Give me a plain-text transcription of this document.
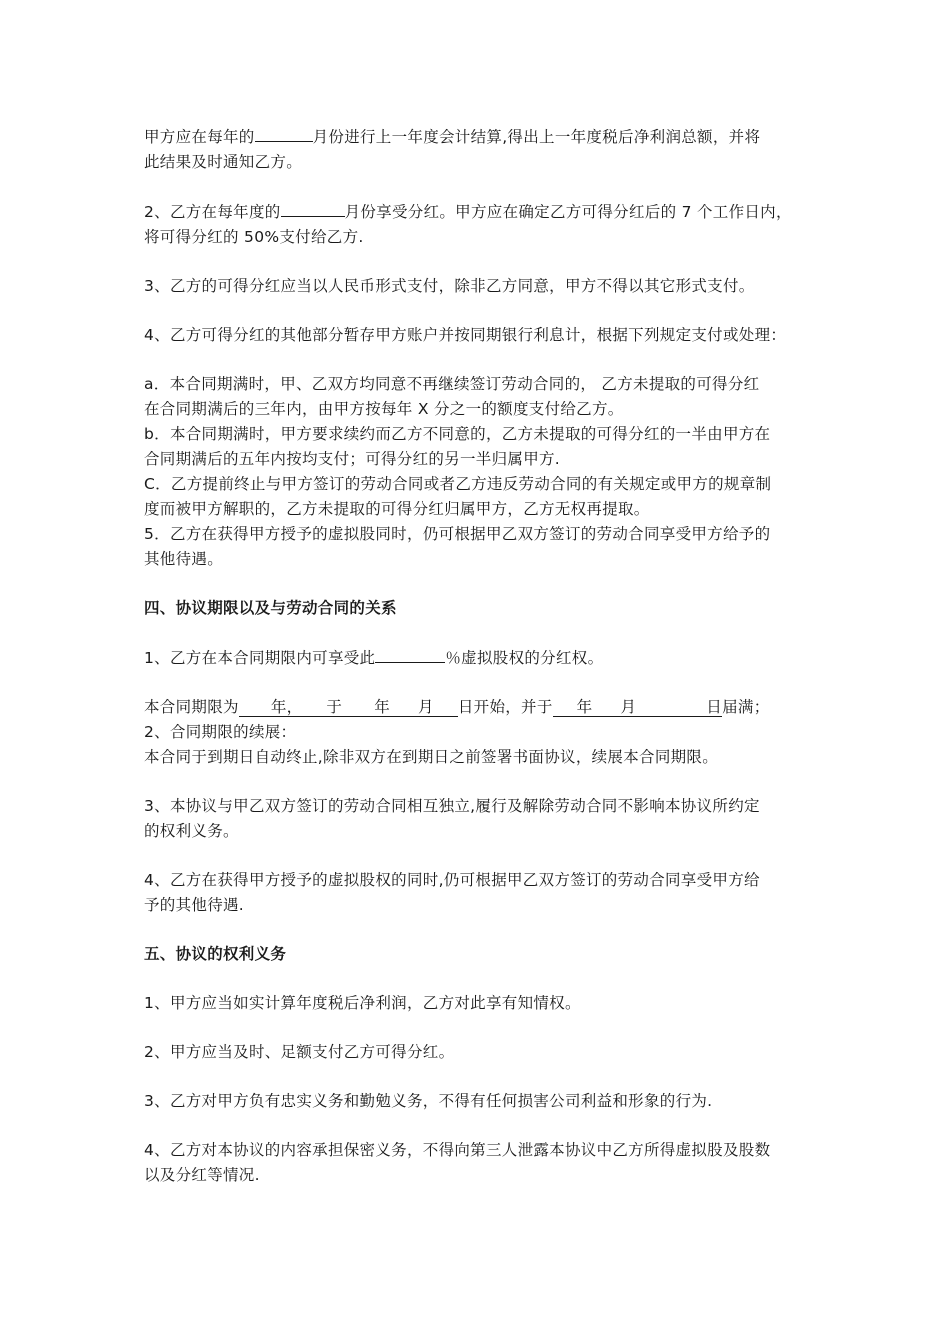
甲方应在每年的	月份进行上一年度会计结算,得出上一年度税后净利润总额，并将

此结果及时通知乙方。

2、乙方在每年度的	月份享受分红。甲方应在确定乙方可得分红后的 7 个工作日内，

将可得分红的 50%支付给乙方.

3、乙方的可得分红应当以人民币形式支付，除非乙方同意，甲方不得以其它形式支付。

4、乙方可得分红的其他部分暂存甲方账户并按同期银行利息计，根据下列规定支付或处理：

a．本合同期满时，甲、乙双方均同意不再继续签订劳动合同的， 乙方未提取的可得分红

在合同期满后的三年内，由甲方按每年 X 分之一的额度支付给乙方。

b．本合同期满时，甲方要求续约而乙方不同意的，乙方未提取的可得分红的一半由甲方在

合同期满后的五年内按均支付；可得分红的另一半归属甲方.

C．乙方提前终止与甲方签订的劳动合同或者乙方违反劳动合同的有关规定或甲方的规章制

度而被甲方解职的，乙方未提取的可得分红归属甲方，乙方无权再提取。

5．乙方在获得甲方授予的虚拟股同时，仍可根据甲乙双方签订的劳动合同享受甲方给予的

其他待遇。

四、协议期限以及与劳动合同的关系

1、乙方在本合同期限内可享受此	％虚拟股权的分红权。

本合同期限为 年， 于 年 月 日开始，并于 年 月	日届满；

2、合同期限的续展：

本合同于到期日自动终止,除非双方在到期日之前签署书面协议，续展本合同期限。

3、本协议与甲乙双方签订的劳动合同相互独立,履行及解除劳动合同不影响本协议所约定

的权利义务。

4、乙方在获得甲方授予的虚拟股权的同时,仍可根据甲乙双方签订的劳动合同享受甲方给

予的其他待遇.

五、协议的权利义务

1、甲方应当如实计算年度税后净利润，乙方对此享有知情权。

2、甲方应当及时、足额支付乙方可得分红。

3、乙方对甲方负有忠实义务和勤勉义务，不得有任何损害公司利益和形象的行为.

4、乙方对本协议的内容承担保密义务，不得向第三人泄露本协议中乙方所得虚拟股及股数

以及分红等情况.
